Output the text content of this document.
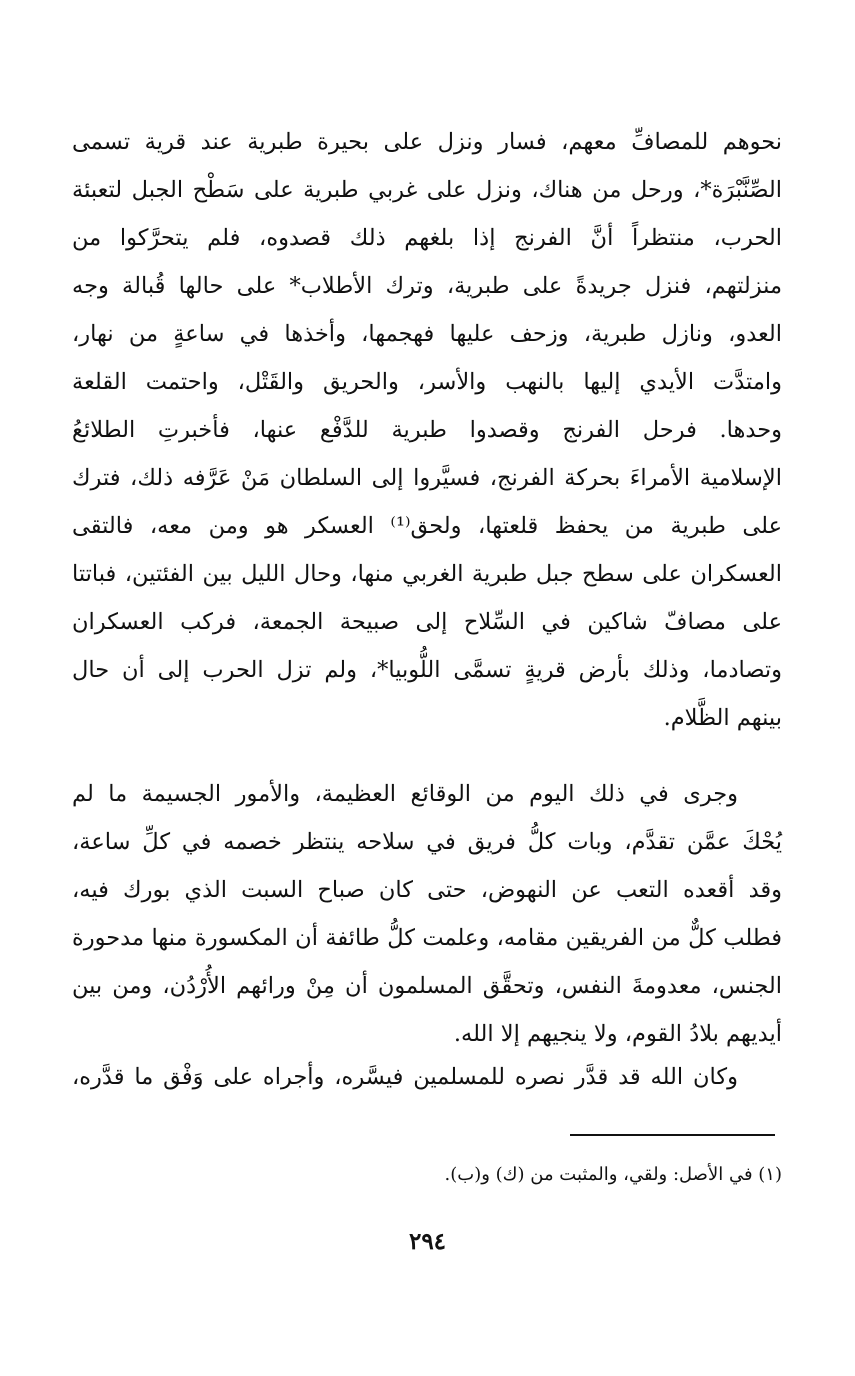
نحوهم للمصافِّ معهم، فسار ونزل على بحيرة طبرية عند قرية تسمى
الصِّنَّبْرَة*، ورحل من هناك، ونزل على غربي طبرية على سَطْح الجبل لتعبئة
الحرب، منتظراً أنَّ الفرنج إذا بلغهم ذلك قصدوه، فلم يتحرَّكوا من
منزلتهم، فنزل جريدةً على طبرية، وترك الأطلاب* على حالها قُبالة وجه
العدو، ونازل طبرية، وزحف عليها فهجمها، وأخذها في ساعةٍ من نهار،
وامتدَّت الأيدي إليها بالنهب والأسر، والحريق والقَتْل، واحتمت القلعة
وحدها. فرحل الفرنج وقصدوا طبرية للدَّفْع عنها، فأخبرتِ الطلائعُ
الإسلامية الأمراءَ بحركة الفرنج، فسيَّروا إلى السلطان مَنْ عَرَّفه ذلك، فترك
على طبرية من يحفظ قلعتها، ولحق⁽¹⁾ العسكر هو ومن معه، فالتقى
العسكران على سطح جبل طبرية الغربي منها، وحال الليل بين الفئتين، فباتتا
على مصافّ شاكين في السِّلاح إلى صبيحة الجمعة، فركب العسكران
وتصادما، وذلك بأرض قريةٍ تسمَّى اللُّوبيا*، ولم تزل الحرب إلى أن حال
بينهم الظَّلام.
وجرى في ذلك اليوم من الوقائع العظيمة، والأمور الجسيمة ما لم
يُحْكَ عمَّن تقدَّم، وبات كلُّ فريق في سلاحه ينتظر خصمه في كلِّ ساعة،
وقد أقعده التعب عن النهوض، حتى كان صباح السبت الذي بورك فيه،
فطلب كلٌّ من الفريقين مقامه، وعلمت كلُّ طائفة أن المكسورة منها مدحورة
الجنس، معدومةَ النفس، وتحقَّق المسلمون أن مِنْ ورائهم الأُرْدُن، ومن بين
أيديهم بلادُ القوم، ولا ينجيهم إلا الله.
وكان الله قد قدَّر نصره للمسلمين فيسَّره، وأجراه على وَفْق ما قدَّره،
(١) في الأصل: ولقي، والمثبت من (ك) و(ب).
٢٩٤
